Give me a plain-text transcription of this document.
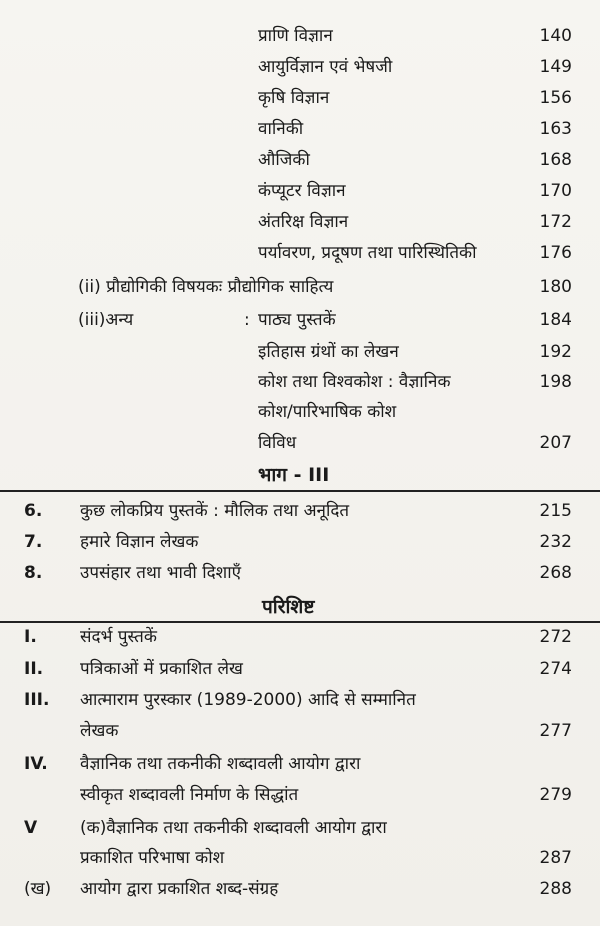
प्राणि विज्ञान	140
आयुर्विज्ञान एवं भेषजी	149
कृषि विज्ञान	156
वानिकी	163
औजिकी	168
कंप्यूटर विज्ञान	170
अंतरिक्ष विज्ञान	172
पर्यावरण, प्रदूषण तथा पारिस्थितिकी	176
(ii) प्रौद्योगिकी विषयकः प्रौद्योगिक साहित्य	180
(iii)अन्य	: पाठ्य पुस्तकें	184
इतिहास ग्रंथों का लेखन	192
कोश तथा विश्वकोश : वैज्ञानिक	198
कोश/पारिभाषिक कोश
विविध	207
भाग - III
6. कुछ लोकप्रिय पुस्तकें : मौलिक तथा अनूदित	215
7. हमारे विज्ञान लेखक	232
8. उपसंहार तथा भावी दिशाएँ	268
परिशिष्ट
I.	संदर्भ पुस्तकें	272
II. पत्रिकाओं में प्रकाशित लेख	274
III. आत्माराम पुरस्कार (1989-2000) आदि से सम्मानित
लेखक	277
IV. वैज्ञानिक तथा तकनीकी शब्दावली आयोग द्वारा
स्वीकृत शब्दावली निर्माण के सिद्धांत	279
V	(क)वैज्ञानिक तथा तकनीकी शब्दावली आयोग द्वारा
प्रकाशित परिभाषा कोश	287
(ख) आयोग द्वारा प्रकाशित शब्द-संग्रह	288
